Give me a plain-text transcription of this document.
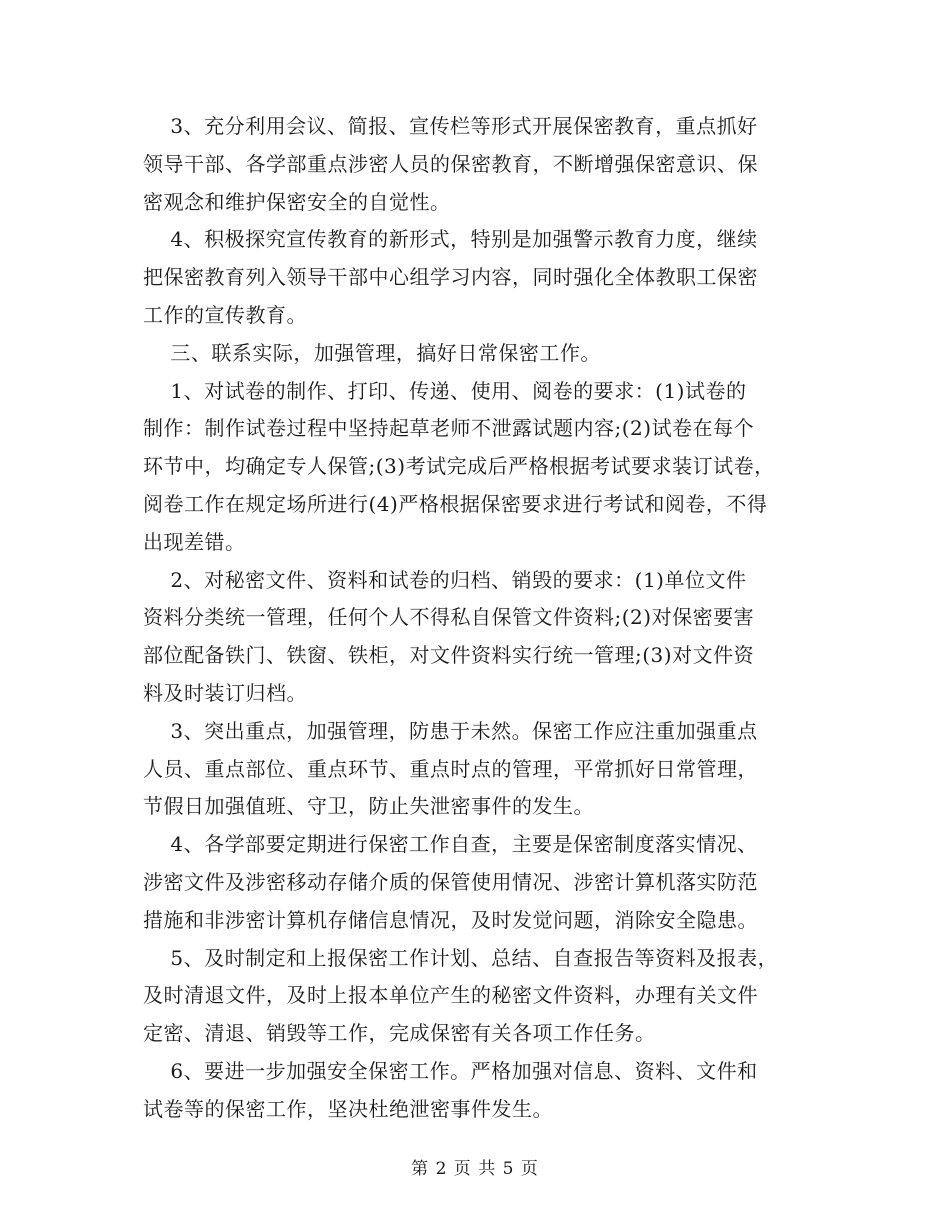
3、充分利用会议、简报、宣传栏等形式开展保密教育，重点抓好

领导干部、各学部重点涉密人员的保密教育，不断增强保密意识、保

密观念和维护保密安全的自觉性。

4、积极探究宣传教育的新形式，特别是加强警示教育力度，继续

把保密教育列入领导干部中心组学习内容，同时强化全体教职工保密

工作的宣传教育。

三、联系实际，加强管理，搞好日常保密工作。

1、对试卷的制作、打印、传递、使用、阅卷的要求：(1)试卷的

制作：制作试卷过程中坚持起草老师不泄露试题内容;(2)试卷在每个

环节中，均确定专人保管;(3)考试完成后严格根据考试要求装订试卷，

阅卷工作在规定场所进行(4)严格根据保密要求进行考试和阅卷，不得

出现差错。

2、对秘密文件、资料和试卷的归档、销毁的要求：(1)单位文件

资料分类统一管理，任何个人不得私自保管文件资料;(2)对保密要害

部位配备铁门、铁窗、铁柜，对文件资料实行统一管理;(3)对文件资

料及时装订归档。

3、突出重点，加强管理，防患于未然。保密工作应注重加强重点

人员、重点部位、重点环节、重点时点的管理，平常抓好日常管理，

节假日加强值班、守卫，防止失泄密事件的发生。

4、各学部要定期进行保密工作自查，主要是保密制度落实情况、

涉密文件及涉密移动存储介质的保管使用情况、涉密计算机落实防范

措施和非涉密计算机存储信息情况，及时发觉问题，消除安全隐患。

5、及时制定和上报保密工作计划、总结、自查报告等资料及报表，

及时清退文件，及时上报本单位产生的秘密文件资料，办理有关文件

定密、清退、销毁等工作，完成保密有关各项工作任务。

6、要进一步加强安全保密工作。严格加强对信息、资料、文件和

试卷等的保密工作，坚决杜绝泄密事件发生。

第 2 页 共 5 页
